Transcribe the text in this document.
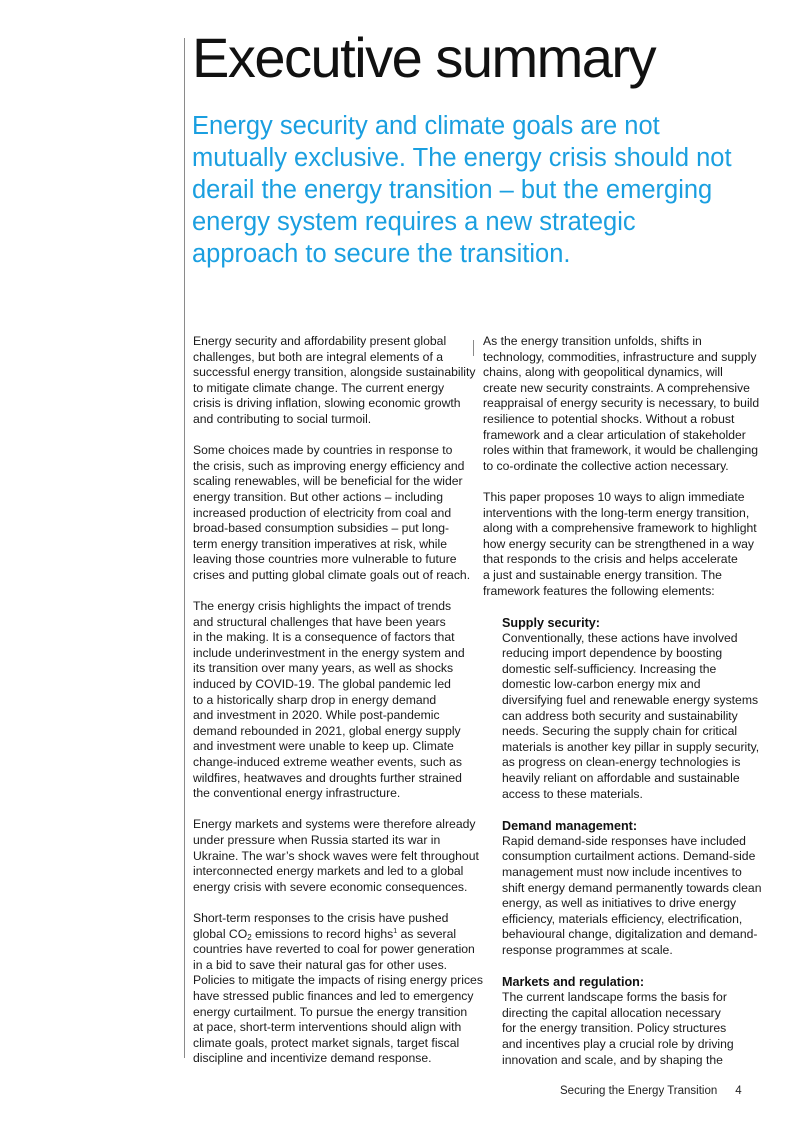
Executive summary
Energy security and climate goals are not
mutually exclusive. The energy crisis should not
derail the energy transition – but the emerging
energy system requires a new strategic
approach to secure the transition.

Energy security and affordability present global
challenges, but both are integral elements of a
successful energy transition, alongside sustainability
to mitigate climate change. The current energy
crisis is driving inflation, slowing economic growth
and contributing to social turmoil.

Some choices made by countries in response to
the crisis, such as improving energy efficiency and
scaling renewables, will be beneficial for the wider
energy transition. But other actions – including
increased production of electricity from coal and
broad-based consumption subsidies – put long-
term energy transition imperatives at risk, while
leaving those countries more vulnerable to future
crises and putting global climate goals out of reach.

The energy crisis highlights the impact of trends
and structural challenges that have been years
in the making. It is a consequence of factors that
include underinvestment in the energy system and
its transition over many years, as well as shocks
induced by COVID-19. The global pandemic led
to a historically sharp drop in energy demand
and investment in 2020. While post-pandemic
demand rebounded in 2021, global energy supply
and investment were unable to keep up. Climate
change-induced extreme weather events, such as
wildfires, heatwaves and droughts further strained
the conventional energy infrastructure.

Energy markets and systems were therefore already
under pressure when Russia started its war in
Ukraine. The war’s shock waves were felt throughout
interconnected energy markets and led to a global
energy crisis with severe economic consequences.

Short-term responses to the crisis have pushed
global $CO_2$ emissions to record highs$^1$ as several
countries have reverted to coal for power generation
in a bid to save their natural gas for other uses.
Policies to mitigate the impacts of rising energy prices
have stressed public finances and led to emergency
energy curtailment. To pursue the energy transition
at pace, short-term interventions should align with
climate goals, protect market signals, target fiscal
discipline and incentivize demand response.

As the energy transition unfolds, shifts in
technology, commodities, infrastructure and supply
chains, along with geopolitical dynamics, will
create new security constraints. A comprehensive
reappraisal of energy security is necessary, to build
resilience to potential shocks. Without a robust
framework and a clear articulation of stakeholder
roles within that framework, it would be challenging
to co-ordinate the collective action necessary.

This paper proposes 10 ways to align immediate
interventions with the long-term energy transition,
along with a comprehensive framework to highlight
how energy security can be strengthened in a way
that responds to the crisis and helps accelerate
a just and sustainable energy transition. The
framework features the following elements:

Supply security:
Conventionally, these actions have involved
reducing import dependence by boosting
domestic self-sufficiency. Increasing the
domestic low-carbon energy mix and
diversifying fuel and renewable energy systems
can address both security and sustainability
needs. Securing the supply chain for critical
materials is another key pillar in supply security,
as progress on clean-energy technologies is
heavily reliant on affordable and sustainable
access to these materials.
Demand management:
Rapid demand-side responses have included
consumption curtailment actions. Demand-side
management must now include incentives to
shift energy demand permanently towards clean
energy, as well as initiatives to drive energy
efficiency, materials efficiency, electrification,
behavioural change, digitalization and demand-
response programmes at scale.
Markets and regulation:
The current landscape forms the basis for
directing the capital allocation necessary
for the energy transition. Policy structures
and incentives play a crucial role by driving
innovation and scale, and by shaping the
Securing the Energy Transition 4
